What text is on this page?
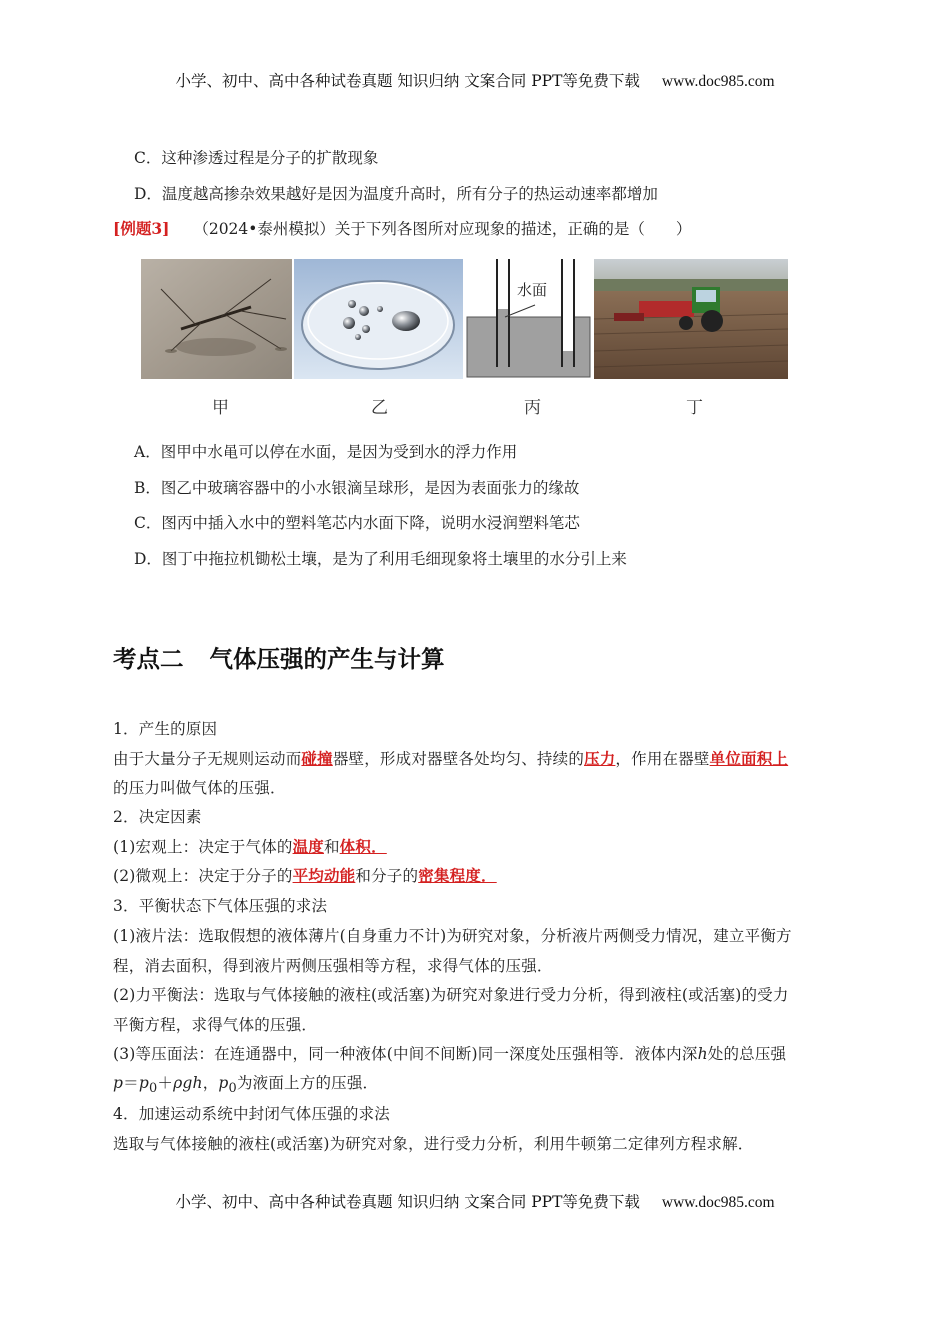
小学、初中、高中各种试卷真题 知识归纳 文案合同 PPT等免费下载 www.doc985.com
C．这种渗透过程是分子的扩散现象
D．温度越高掺杂效果越好是因为温度升高时，所有分子的热运动速率都增加
[例题3] （2024•泰州模拟）关于下列各图所对应现象的描述，正确的是（　　）
水面
甲	乙	丙	丁
A．图甲中水黾可以停在水面，是因为受到水的浮力作用
B．图乙中玻璃容器中的小水银滴呈球形，是因为表面张力的缘故
C．图丙中插入水中的塑料笔芯内水面下降，说明水浸润塑料笔芯
D．图丁中拖拉机锄松土壤，是为了利用毛细现象将土壤里的水分引上来
考点二 气体压强的产生与计算
1．产生的原因
由于大量分子无规则运动而碰撞器壁，形成对器壁各处均匀、持续的压力，作用在器壁单位面积上
的压力叫做气体的压强．
2．决定因素
(1)宏观上：决定于气体的温度和体积．
(2)微观上：决定于分子的平均动能和分子的密集程度．
3．平衡状态下气体压强的求法
(1)液片法：选取假想的液体薄片(自身重力不计)为研究对象，分析液片两侧受力情况，建立平衡方
程，消去面积，得到液片两侧压强相等方程，求得气体的压强．
(2)力平衡法：选取与气体接触的液柱(或活塞)为研究对象进行受力分析，得到液柱(或活塞)的受力
平衡方程，求得气体的压强．
(3)等压面法：在连通器中，同一种液体(中间不间断)同一深度处压强相等．液体内深h处的总压强
$p=p_0+\rho gh$，$p_0$为液面上方的压强．
4．加速运动系统中封闭气体压强的求法
选取与气体接触的液柱(或活塞)为研究对象，进行受力分析，利用牛顿第二定律列方程求解．
小学、初中、高中各种试卷真题 知识归纳 文案合同 PPT等免费下载 www.doc985.com
